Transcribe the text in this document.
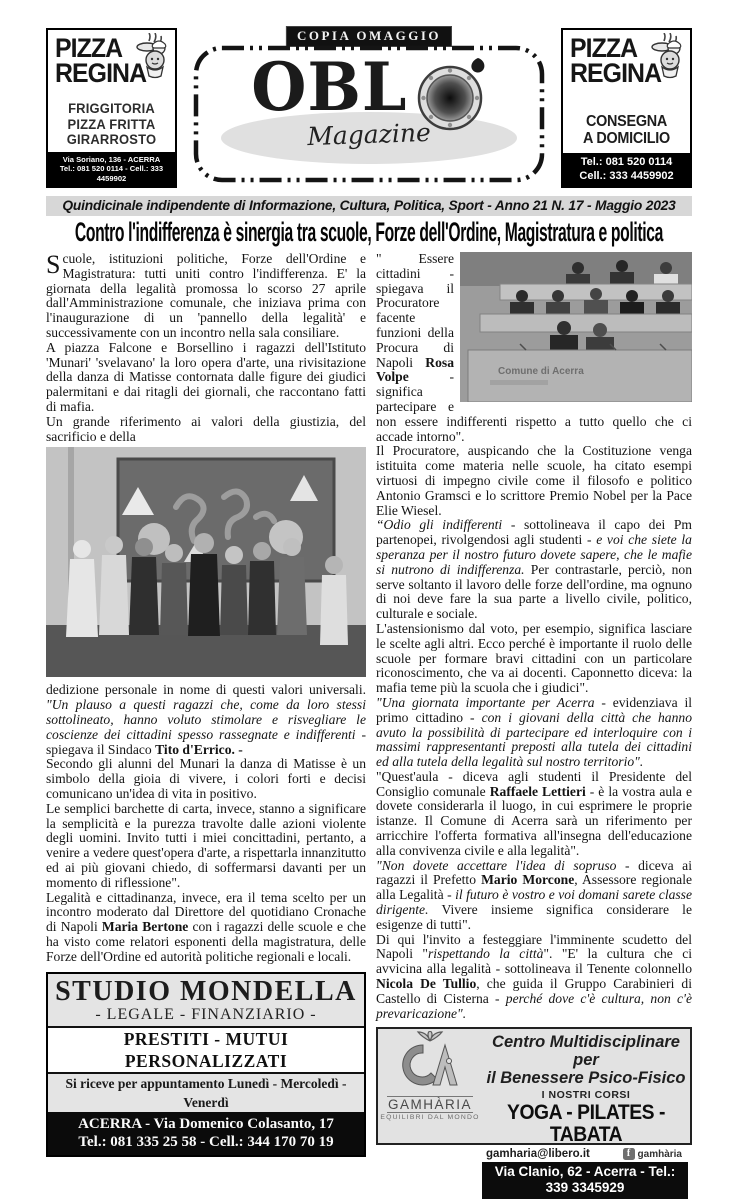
PIZZA
REGINA
FRIGGITORIA
PIZZA FRITTA
GIRARROSTO
Via Soriano, 136 - ACERRA
Tel.: 081 520 0114 - Cell.: 333 4459902
COPIA OMAGGIO
OBL
Magazine
PIZZA
REGINA
CONSEGNA
A DOMICILIO
Tel.: 081 520 0114
Cell.: 333 4459902
Quindicinale indipendente di Informazione, Cultura, Politica, Sport - Anno 21 N. 17 - Maggio 2023
Contro l'indifferenza è sinergia tra scuole, Forze dell'Ordine, Magistratura e politica

Scuole, istituzioni politiche, Forze dell'Ordine e Magistratura: tutti uniti contro l'indifferenza. E' la giornata della legalità promossa lo scorso 27 aprile dall'Amministrazione comunale, che iniziava prima con l'inaugurazione di un 'pannello della legalità' e successivamente con un incontro nella sala consiliare.

A piazza Falcone e Borsellino i ragazzi dell'Istituto 'Munari' 'svelavano' la loro opera d'arte, una rivisitazione della danza di Matisse contornata dalle figure dei giudici palermitani e dai ritagli dei giornali, che raccontano fatti di mafia.

Un grande riferimento ai valori della giustizia, del sacrificio e della

dedizione personale in nome di questi valori universali. "Un plauso a questi ragazzi che, come da loro stessi sottolineato, hanno voluto stimolare e risvegliare le coscienze dei cittadini spesso rassegnate e indifferenti - spiegava il Sindaco Tito d'Errico. -

Secondo gli alunni del Munari la danza di Matisse è un simbolo della gioia di vivere, i colori forti e decisi comunicano un'idea di vita in positivo.

Le semplici barchette di carta, invece, stanno a significare la semplicità e la purezza travolte dalle azioni violente degli uomini. Invito tutti i miei concittadini, pertanto, a venire a vedere quest'opera d'arte, a rispettarla innanzitutto ed ai più giovani chiedo, di soffermarsi davanti per un momento di riflessione".

Legalità e cittadinanza, invece, era il tema scelto per un incontro moderato dal Direttore del quotidiano Cronache di Napoli Maria Bertone con i ragazzi delle scuole e che ha visto come relatori esponenti della magistratura, delle Forze dell'Ordine ed autorità politiche regionali e locali.

STUDIO MONDELLA
- LEGALE - FINANZIARIO -
PRESTITI - MUTUI PERSONALIZZATI
Si riceve per appuntamento Lunedì - Mercoledì - Venerdì
ACERRA - Via Domenico Colasanto, 17
Tel.: 081 335 25 58 - Cell.: 344 170 70 19
Comune di Acerra

" Essere cittadini - spiegava il Procuratore facente funzioni della Procura di Napoli Rosa Volpe - significa partecipare e non essere indifferenti rispetto a tutto quello che ci accade intorno".

Il Procuratore, auspicando che la Costituzione venga istituita come materia nelle scuole, ha citato esempi virtuosi di impegno civile come il filosofo e politico Antonio Gramsci e lo scrittore Premio Nobel per la Pace Elie Wiesel.

“Odio gli indifferenti - sottolineava il capo dei Pm partenopei, rivolgendosi agli studenti - e voi che siete la speranza per il nostro futuro dovete sapere, che le mafie si nutrono di indifferenza. Per contrastarle, perciò, non serve soltanto il lavoro delle forze dell'ordine, ma ognuno di noi deve fare la sua parte a livello civile, politico, culturale e sociale.

L'astensionismo dal voto, per esempio, significa lasciare le scelte agli altri. Ecco perché è importante il ruolo delle scuole per formare bravi cittadini con un particolare riconoscimento, che va ai docenti. Caponnetto diceva: la mafia teme più la scuola che i giudici".

"Una giornata importante per Acerra - evidenziava il primo cittadino - con i giovani della città che hanno avuto la possibilità di partecipare ed interloquire con i massimi rappresentanti preposti alla tutela dei cittadini ed alla tutela della legalità sul nostro territorio".

"Quest'aula - diceva agli studenti il Presidente del Consiglio comunale Raffaele Lettieri - è la vostra aula e dovete considerarla il luogo, in cui esprimere le proprie istanze. Il Comune di Acerra sarà un riferimento per arricchire l'offerta formativa all'insegna dell'educazione alla convivenza civile e alla legalità".

"Non dovete accettare l'idea di sopruso - diceva ai ragazzi il Prefetto Mario Morcone, Assessore regionale alla Legalità - il futuro è vostro e voi domani sarete classe dirigente. Vivere insieme significa considerare le esigenze di tutti".

Di qui l'invito a festeggiare l'imminente scudetto del Napoli "rispettando la città". "E' la cultura che ci avvicina alla legalità - sottolineava il Tenente colonnello Nicola De Tullio, che guida il Gruppo Carabinieri di Castello di Cisterna - perché dove c'è cultura, non c'è prevaricazione".

GAMHÀRIA
EQUILIBRI DAL MONDO
Centro Multidisciplinare per
il Benessere Psico-Fisico
I NOSTRI CORSI
YOGA - PILATES - TABATA
gamharia@libero.it	f gamhària
Via Clanio, 62 - Acerra - Tel.: 339 3345929
